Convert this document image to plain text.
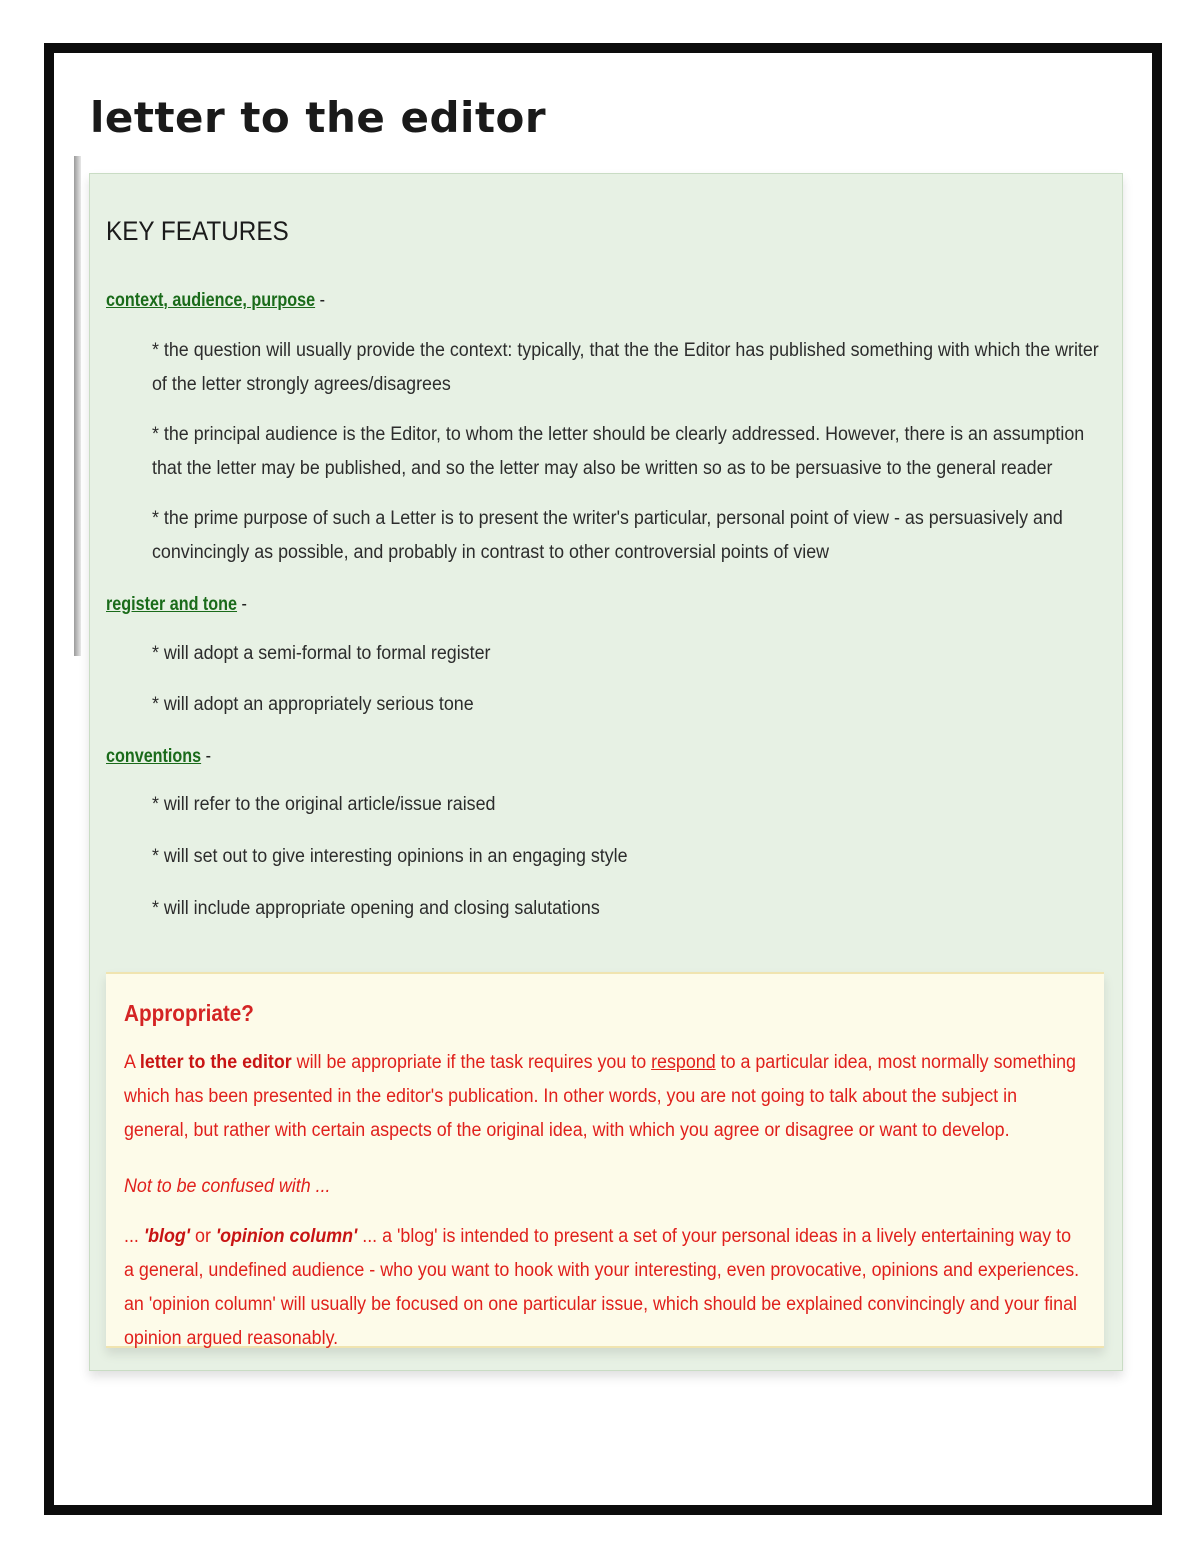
letter to the editor
KEY FEATURES
context, audience, purpose -

* the question will usually provide the context: typically, that the the Editor has published something with which the writer of the letter strongly agrees/disagrees

* the principal audience is the Editor, to whom the letter should be clearly addressed. However, there is an assumption that the letter may be published, and so the letter may also be written so as to be persuasive to the general reader

* the prime purpose of such a Letter is to present the writer's particular, personal point of view - as persuasively and convincingly as possible, and probably in contrast to other controversial points of view

register and tone -

* will adopt a semi-formal to formal register

* will adopt an appropriately serious tone

conventions -

* will refer to the original article/issue raised

* will set out to give interesting opinions in an engaging style

* will include appropriate opening and closing salutations

Appropriate?

A letter to the editor will be appropriate if the task requires you to respond to a particular idea, most normally something which has been presented in the editor's publication. In other words, you are not going to talk about the subject in general, but rather with certain aspects of the original idea, with which you agree or disagree or want to develop.

Not to be confused with ...

... 'blog' or 'opinion column' ... a 'blog' is intended to present a set of your personal ideas in a lively entertaining way to a general, undefined audience - who you want to hook with your interesting, even provocative, opinions and experiences. an 'opinion column' will usually be focused on one particular issue, which should be explained convincingly and your final opinion argued reasonably.
